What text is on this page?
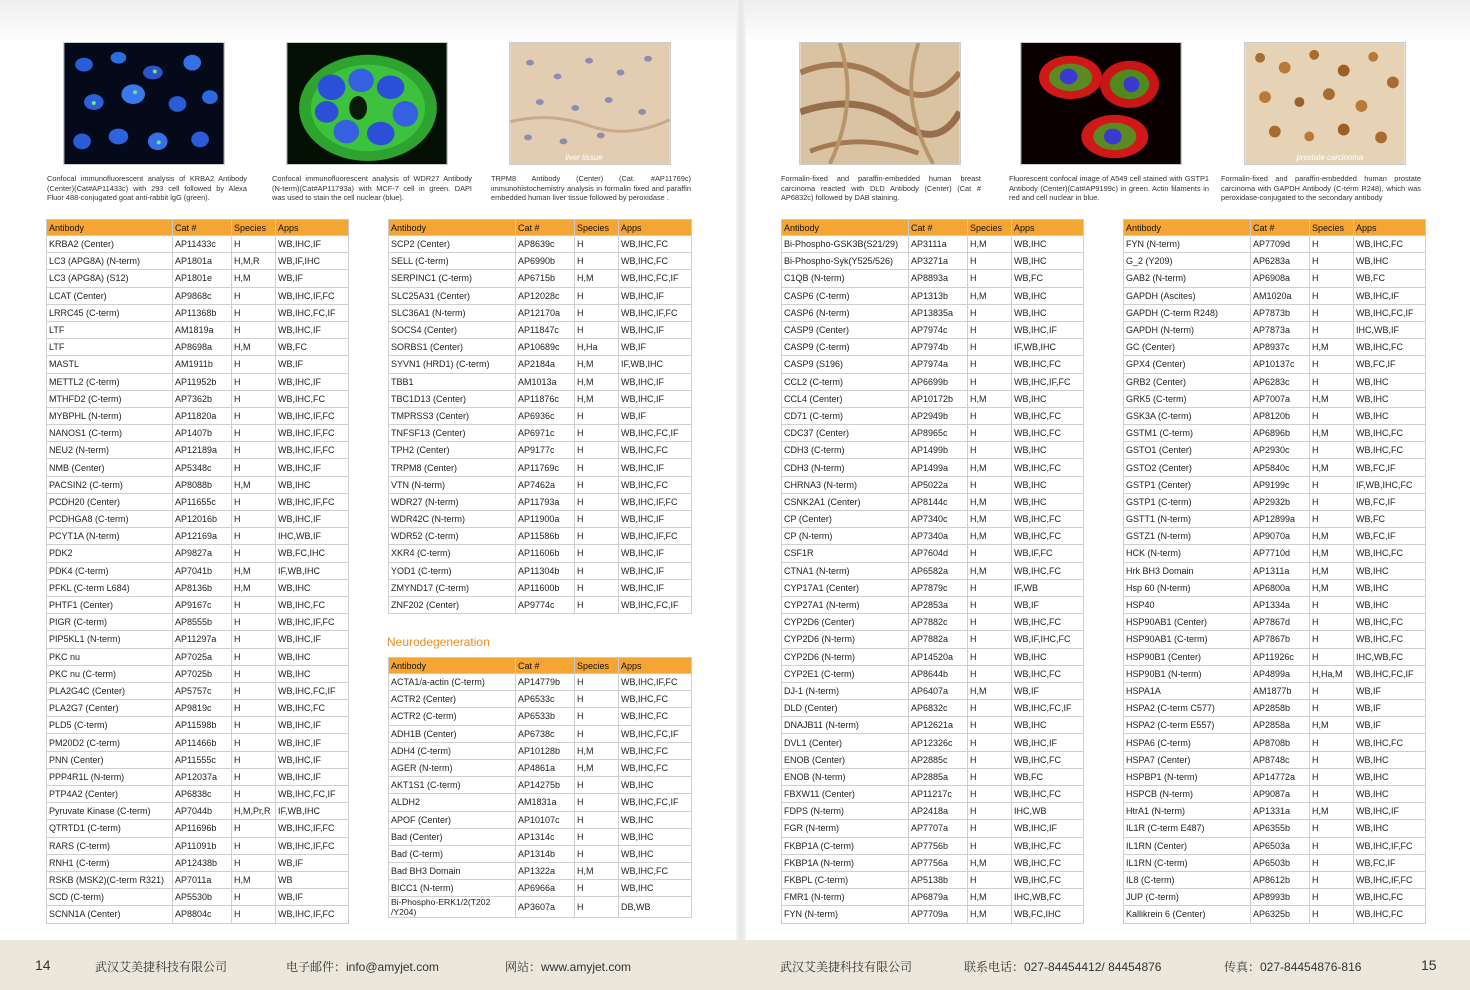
liver tissue	prostate carcinoma
Confocal immunofluorescent analysis of KRBA2 Antibody (Center)(Cat#AP11433c) with 293 cell followed by Alexa Fluor 488-conjugated goat anti-rabbit lgG (green).
Confocal immunofluorescent analysis of WDR27 Antibody (N-term)(Cat#AP11793a) with MCF-7 cell in green. DAPI was used to stain the cell nuclear (blue).
TRPM8 Antibody (Center) (Cat. #AP11769c) immunohistochemistry analysis in formalin fixed and paraffin embedded human liver tissue followed by peroxidase .
Formalin-fixed and paraffin-embedded human breast carcinoma reacted with DLD Antibody (Center) (Cat # AP6832c) followed by DAB staining.
Fluorescent confocal image of A549 cell stained with GSTP1 Antibody (Center)(Cat#AP9199c) in green. Actin filaments in red and cell nuclear in blue.
Formalin-fixed and paraffin-embedded human prostate carcinoma with GAPDH Antibody (C-term R248), which was peroxidase-conjugated to the secondary antibody
Antibody	Cat #	Species	Apps
KRBA2 (Center)	AP11433c	H	WB,IHC,IF
LC3 (APG8A) (N-term)	AP1801a	H,M,R	WB,IF,IHC
LC3 (APG8A) (S12)	AP1801e	H,M	WB,IF
LCAT (Center)	AP9868c	H	WB,IHC,IF,FC
LRRC45 (C-term)	AP11368b	H	WB,IHC,FC,IF
LTF	AM1819a	H	WB,IHC,IF
LTF	AP8698a	H,M	WB,FC
MASTL	AM1911b	H	WB,IF
METTL2 (C-term)	AP11952b	H	WB,IHC,IF
MTHFD2 (C-term)	AP7362b	H	WB,IHC,FC
MYBPHL (N-term)	AP11820a	H	WB,IHC,IF,FC
NANOS1 (C-term)	AP1407b	H	WB,IHC,IF,FC
NEU2 (N-term)	AP12189a	H	WB,IHC,IF,FC
NMB (Center)	AP5348c	H	WB,IHC,IF
PACSIN2 (C-term)	AP8088b	H,M	WB,IHC
PCDH20 (Center)	AP11655c	H	WB,IHC,IF,FC
PCDHGA8 (C-term)	AP12016b	H	WB,IHC,IF
PCYT1A (N-term)	AP12169a	H	IHC,WB,IF
PDK2	AP9827a	H	WB,FC,IHC
PDK4 (C-term)	AP7041b	H,M	IF,WB,IHC
PFKL (C-term L684)	AP8136b	H,M	WB,IHC
PHTF1 (Center)	AP9167c	H	WB,IHC,FC
PIGR (C-term)	AP8555b	H	WB,IHC,IF,FC
PIP5KL1 (N-term)	AP11297a	H	WB,IHC,IF
PKC nu	AP7025a	H	WB,IHC
PKC nu (C-term)	AP7025b	H	WB,IHC
PLA2G4C (Center)	AP5757c	H	WB,IHC,FC,IF
PLA2G7 (Center)	AP9819c	H	WB,IHC,FC
PLD5 (C-term)	AP11598b	H	WB,IHC,IF
PM20D2 (C-term)	AP11466b	H	WB,IHC,IF
PNN (Center)	AP11555c	H	WB,IHC,IF
PPP4R1L (N-term)	AP12037a	H	WB,IHC,IF
PTP4A2 (Center)	AP6838c	H	WB,IHC,FC,IF
Pyruvate Kinase (C-term)	AP7044b	H,M,Pr,R	IF,WB,IHC
QTRTD1 (C-term)	AP11696b	H	WB,IHC,IF,FC
RARS (C-term)	AP11091b	H	WB,IHC,IF,FC
RNH1 (C-term)	AP12438b	H	WB,IF
RSKB (MSK2)(C-term R321)	AP7011a	H,M	WB
SCD (C-term)	AP5530b	H	WB,IF
SCNN1A (Center)	AP8804c	H	WB,IHC,IF,FC
Antibody	Cat #	Species	Apps
SCP2 (Center)	AP8639c	H	WB,IHC,FC
SELL (C-term)	AP6990b	H	WB,IHC,FC
SERPINC1 (C-term)	AP6715b	H,M	WB,IHC,FC,IF
SLC25A31 (Center)	AP12028c	H	WB,IHC,IF
SLC36A1 (N-term)	AP12170a	H	WB,IHC,IF,FC
SOCS4 (Center)	AP11847c	H	WB,IHC,IF
SORBS1 (Center)	AP10689c	H,Ha	WB,IF
SYVN1 (HRD1) (C-term)	AP2184a	H,M	IF,WB,IHC
TBB1	AM1013a	H,M	WB,IHC,IF
TBC1D13 (Center)	AP11876c	H,M	WB,IHC,IF
TMPRSS3 (Center)	AP6936c	H	WB,IF
TNFSF13 (Center)	AP6971c	H	WB,IHC,FC,IF
TPH2 (Center)	AP9177c	H	WB,IHC,FC
TRPM8 (Center)	AP11769c	H	WB,IHC,IF
VTN (N-term)	AP7462a	H	WB,IHC,FC
WDR27 (N-term)	AP11793a	H	WB,IHC,IF,FC
WDR42C (N-term)	AP11900a	H	WB,IHC,IF
WDR52 (C-term)	AP11586b	H	WB,IHC,IF,FC
XKR4 (C-term)	AP11606b	H	WB,IHC,IF
YOD1 (C-term)	AP11304b	H	WB,IHC,IF
ZMYND17 (C-term)	AP11600b	H	WB,IHC,IF
ZNF202 (Center)	AP9774c	H	WB,IHC,FC,IF
Neurodegeneration
Antibody	Cat #	Species	Apps
ACTA1/a-actin (C-term)	AP14779b	H	WB,IHC,IF,FC
ACTR2 (Center)	AP6533c	H	WB,IHC,FC
ACTR2 (C-term)	AP6533b	H	WB,IHC,FC
ADH1B (Center)	AP6738c	H	WB,IHC,FC,IF
ADH4 (C-term)	AP10128b	H,M	WB,IHC,FC
AGER (N-term)	AP4861a	H,M	WB,IHC,FC
AKT1S1 (C-term)	AP14275b	H	WB,IHC
ALDH2	AM1831a	H	WB,IHC,FC,IF
APOF (Center)	AP10107c	H	WB,IHC
Bad (Center)	AP1314c	H	WB,IHC
Bad (C-term)	AP1314b	H	WB,IHC
Bad BH3 Domain	AP1322a	H,M	WB,IHC,FC
BICC1 (N-term)	AP6966a	H	WB,IHC
Bi-Phospho-ERK1/2(T202 /Y204)	AP3607a	H	DB,WB
Antibody	Cat #	Species	Apps
Bi-Phospho-GSK3B(S21/29)	AP3111a	H,M	WB,IHC
Bi-Phospho-Syk(Y525/526)	AP3271a	H	WB,IHC
C1QB (N-term)	AP8893a	H	WB,FC
CASP6 (C-term)	AP1313b	H,M	WB,IHC
CASP6 (N-term)	AP13835a	H	WB,IHC
CASP9 (Center)	AP7974c	H	WB,IHC,IF
CASP9 (C-term)	AP7974b	H	IF,WB,IHC
CASP9 (S196)	AP7974a	H	WB,IHC,FC
CCL2 (C-term)	AP6699b	H	WB,IHC,IF,FC
CCL4 (Center)	AP10172b	H,M	WB,IHC
CD71 (C-term)	AP2949b	H	WB,IHC,FC
CDC37 (Center)	AP8965c	H	WB,IHC,FC
CDH3 (C-term)	AP1499b	H	WB,IHC
CDH3 (N-term)	AP1499a	H,M	WB,IHC,FC
CHRNA3 (N-term)	AP5022a	H	WB,IHC
CSNK2A1 (Center)	AP8144c	H,M	WB,IHC
CP (Center)	AP7340c	H,M	WB,IHC,FC
CP (N-term)	AP7340a	H,M	WB,IHC,FC
CSF1R	AP7604d	H	WB,IF,FC
CTNA1 (N-term)	AP6582a	H,M	WB,IHC,FC
CYP17A1 (Center)	AP7879c	H	IF,WB
CYP27A1 (N-term)	AP2853a	H	WB,IF
CYP2D6 (Center)	AP7882c	H	WB,IHC,FC
CYP2D6 (N-term)	AP7882a	H	WB,IF,IHC,FC
CYP2D6 (N-term)	AP14520a	H	WB,IHC
CYP2E1 (C-term)	AP8644b	H	WB,IHC,FC
DJ-1 (N-term)	AP6407a	H,M	WB,IF
DLD (Center)	AP6832c	H	WB,IHC,FC,IF
DNAJB11 (N-term)	AP12621a	H	WB,IHC
DVL1 (Center)	AP12326c	H	WB,IHC,IF
ENOB (Center)	AP2885c	H	WB,IHC,FC
ENOB (N-term)	AP2885a	H	WB,FC
FBXW11 (Center)	AP11217c	H	WB,IHC,FC
FDPS (N-term)	AP2418a	H	IHC,WB
FGR (N-term)	AP7707a	H	WB,IHC,IF
FKBP1A (C-term)	AP7756b	H	WB,IHC,FC
FKBP1A (N-term)	AP7756a	H,M	WB,IHC,FC
FKBPL (C-term)	AP5138b	H	WB,IHC,FC
FMR1 (N-term)	AP6879a	H,M	IHC,WB,FC
FYN (N-term)	AP7709a	H,M	WB,FC,IHC
Antibody	Cat #	Species	Apps
FYN (N-term)	AP7709d	H	WB,IHC,FC
G_2 (Y209)	AP6283a	H	WB,IHC
GAB2 (N-term)	AP6908a	H	WB,FC
GAPDH (Ascites)	AM1020a	H	WB,IHC,IF
GAPDH (C-term R248)	AP7873b	H	WB,IHC,FC,IF
GAPDH (N-term)	AP7873a	H	IHC,WB,IF
GC (Center)	AP8937c	H,M	WB,IHC,FC
GPX4 (Center)	AP10137c	H	WB,FC,IF
GRB2 (Center)	AP6283c	H	WB,IHC
GRK5 (C-term)	AP7007a	H,M	WB,IHC
GSK3A (C-term)	AP8120b	H	WB,IHC
GSTM1 (C-term)	AP6896b	H,M	WB,IHC,FC
GSTO1 (Center)	AP2930c	H	WB,IHC,FC
GSTO2 (Center)	AP5840c	H,M	WB,FC,IF
GSTP1 (Center)	AP9199c	H	IF,WB,IHC,FC
GSTP1 (C-term)	AP2932b	H	WB,FC,IF
GSTT1 (N-term)	AP12899a	H	WB,FC
GSTZ1 (N-term)	AP9070a	H,M	WB,FC,IF
HCK (N-term)	AP7710d	H,M	WB,IHC,FC
Hrk BH3 Domain	AP1311a	H,M	WB,IHC
Hsp 60 (N-term)	AP6800a	H,M	WB,IHC
HSP40	AP1334a	H	WB,IHC
HSP90AB1 (Center)	AP7867d	H	WB,IHC,FC
HSP90AB1 (C-term)	AP7867b	H	WB,IHC,FC
HSP90B1 (Center)	AP11926c	H	IHC,WB,FC
HSP90B1 (N-term)	AP4899a	H,Ha,M	WB,IHC,FC,IF
HSPA1A	AM1877b	H	WB,IF
HSPA2 (C-term C577)	AP2858b	H	WB,IF
HSPA2 (C-term E557)	AP2858a	H,M	WB,IF
HSPA6 (C-term)	AP8708b	H	WB,IHC,FC
HSPA7 (Center)	AP8748c	H	WB,IHC
HSPBP1 (N-term)	AP14772a	H	WB,IHC
HSPCB (N-term)	AP9087a	H	WB,IHC
HtrA1 (N-term)	AP1331a	H,M	WB,IHC,IF
IL1R (C-term E487)	AP6355b	H	WB,IHC
IL1RN (Center)	AP6503a	H	WB,IHC,IF,FC
IL1RN (C-term)	AP6503b	H	WB,FC,IF
IL8 (C-term)	AP8612b	H	WB,IHC,IF,FC
JUP (C-term)	AP8993b	H	WB,IHC,FC
Kallikrein 6 (Center)	AP6325b	H	WB,IHC,FC
14	武汉艾美捷科技有限公司	电子邮件：info@amyjet.com	网站：www.amyjet.com	武汉艾美捷科技有限公司	联系电话：027-84454412/ 84454876	传真：027-84454876-816	15
